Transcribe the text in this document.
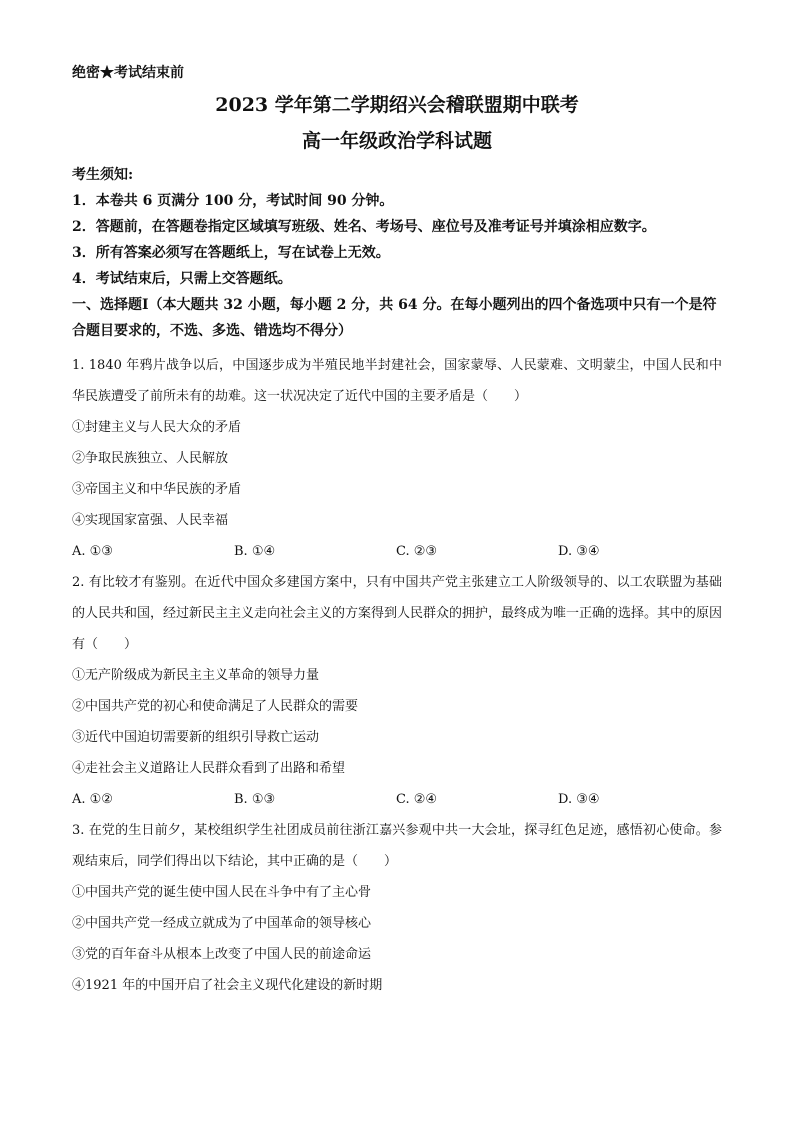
绝密★考试结束前
2023 学年第二学期绍兴会稽联盟期中联考
高一年级政治学科试题
考生须知:
1．本卷共 6 页满分 100 分，考试时间 90 分钟。
2．答题前，在答题卷指定区域填写班级、姓名、考场号、座位号及准考证号并填涂相应数字。
3．所有答案必须写在答题纸上，写在试卷上无效。
4．考试结束后，只需上交答题纸。
一、选择题Ⅰ（本大题共 32 小题，每小题 2 分，共 64 分。在每小题列出的四个备选项中只有一个是符合题目要求的，不选、多选、错选均不得分）
1. 1840 年鸦片战争以后，中国逐步成为半殖民地半封建社会，国家蒙辱、人民蒙难、文明蒙尘，中国人民和中华民族遭受了前所未有的劫难。这一状况决定了近代中国的主要矛盾是（　　）
①封建主义与人民大众的矛盾
②争取民族独立、人民解放
③帝国主义和中华民族的矛盾
④实现国家富强、人民幸福
A. ①③	B. ①④	C. ②③	D. ③④
2. 有比较才有鉴别。在近代中国众多建国方案中，只有中国共产党主张建立工人阶级领导的、以工农联盟为基础的人民共和国，经过新民主主义走向社会主义的方案得到人民群众的拥护，最终成为唯一正确的选择。其中的原因有（　　）
①无产阶级成为新民主主义革命的领导力量
②中国共产党的初心和使命满足了人民群众的需要
③近代中国迫切需要新的组织引导救亡运动
④走社会主义道路让人民群众看到了出路和希望
A. ①②	B. ①③	C. ②④	D. ③④
3. 在党的生日前夕，某校组织学生社团成员前往浙江嘉兴参观中共一大会址，探寻红色足迹，感悟初心使命。参观结束后，同学们得出以下结论，其中正确的是（　　）
①中国共产党的诞生使中国人民在斗争中有了主心骨
②中国共产党一经成立就成为了中国革命的领导核心
③党的百年奋斗从根本上改变了中国人民的前途命运
④1921 年的中国开启了社会主义现代化建设的新时期
